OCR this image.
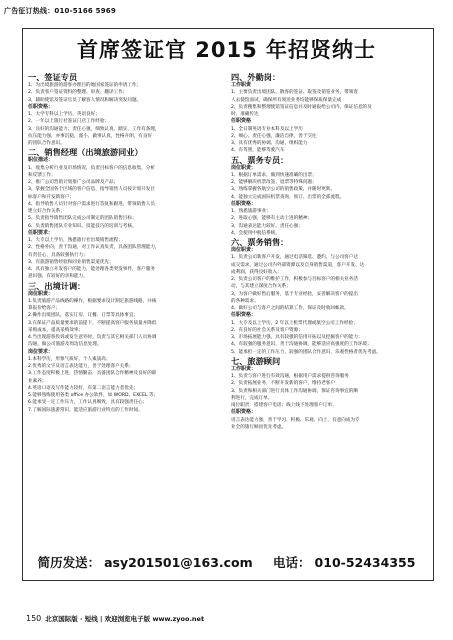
广告征订热线：010-5166 5969
首席签证官 2015 年招贤纳士

一、签证专员

1、为出境旅游的游客办理目的地国家签证的申请工作；

2、负责客户签证资料的整理、审查、翻译工作；

3、辅助使馆及签证官员了解客人情况和解决突发问题。

任职资格：

1、大学专科以上学历，英语良好；

2、一年以上旅行社签证门店工作经验；

3、良好的沟通能力；责任心强，细致认真，踏实，工作有条理，

抗压能力强，亦事沉稳，谨小、做事认真，性格开朗，有良好

的团队合作意识。

二、销售经理（出境旅游同业）

职位描述：

1、收集分析行业及市场情况，负责目标客户的信息收集、分析

和反馈工作；

2、推广公司营销计划推广公司品牌及产品；

3、掌握全国各个区域的客户信息，指导销售人员按计划开发目

标客户和开发新客户；

4、指导销售人员针对客户需求进行答复和跟进，带领销售人员

建立好合作关系；

5、负责指导销售团队完成公司制定的团队销售目标；

6、负责销售团队专业知识、技能技巧的培训与考核。

任职要求：

1、大专以上学历，熟悉旅行社出境销售流程；

2、性格外向，善于沟通，对工作认真负责，具备团队管理能力，

有责任心，具备较强执行力；

3、有旅游销售经验和同业销售渠道优先；

4、具有独立开发客户的能力，能处理各类突发事件，客户服务

意识强，有较好的亲和能力。

三、出境计调：

岗位职责：

1.负责旅游产品线路的操作，根据要求设计制定旅游线路，并核

算报价给客户；

2.操作出境团队，落实订房、订餐、订票等具体事宜；

3.在保证产品质量要求的前提下，不断提高客户服务质量并降低

采购成本，提高采购效率；

4.当出现游客投诉或发生意外时，负责与其它相关部门人员协调

沟通，做公司旅游及周边信息处理。

岗位要求：

1.本科学历，形象气质好，个人素质高；

2.优秀的文字及语言表达能力，善于处理客户关系；

3.工作态度积极上进，热情勤奋，具备团队合作精神及良好的职

业素养；

4.英语口语及写作能力较好，有第二语言能力者优先；

5.能够熟练使用各类 office 办公软件，如 WORD、EXCEL 等；

6.能承受一定工作压力，工作认真细致，具有较强责任心；

7.了解国际旅游常识，能适应旅游行业特点的工作时间。

四、外勤岗：

工作职责

1、主要负责出境团队、散客的签证、取签及销签业务，带领客

人去使馆面试，确保所有须送业务均能够保质保量完成

2、负责搜集和整理使馆签证信息并及时通报给公司内，保证信息的及

时、准确传达

任职资格

1、全日制英语专业本科及以上学历

2、细心、责任心强，廉洁自律，善于交往

3、具有优秀的协调、沟通、组织能力

4、有驾照，能够驾驶汽车

五、票务专员：

岗位职责：

1、根据订单需求，做到快速准确的出票；

2、能够解决机票改签、退票等特殊问题；

3、熟练掌握各航空公司的销售政策，并随时更新。

4、能独立完成国际机票查询、预订、出票的全部流程。

任职资格：

1、熟悉旅游事业；

2、进取心强，能够有主动上进的精神；

3、沟通表达能力较好，责任心强；

4、会使用中航信系统。

六、票务销售：

岗位职责：

1、负责公司新客户开发，通过电话筛选、邀约，与公司客户达

成交需求，通过公司内外部资源以及自身销售渠道，客户开发、达

成利润，获得良好收入；

2、负责公司客户的维护工作，积极参与目标客户的相关业务活

动，与其建立深度合作关系；

3、为客户做好售后服务，基于专业经验，妥善解决客户的提出

的各种需求；

4、做好公司与客户之间的结算工作，保证及时收回帐款。

任职资格：

1、大专及以上学历，2 年以上机票代理或航空公司工作经验；

2、有良好的社会关系及客户资源；

3、市场拓展能力强，具有较强的信用开拓以及挖掘客户的能力；

4、有较强的服务意识，善于沟通协调，能够适应高强度的工作环境；

5、能承担一定的工作压力，较强的团队合作意识，乐观性格者优先考虑。

七、旅游顾问

工作职责：

1、负责与客户进行有效沟通，根据用户需求提供咨询服务

2、负责拓展业务，不断开发新的客户，维持老客户

3、负责和相关部门进行具体工作沟通协调，保证咨询事宜的顺

利进行，完成订单。

岗位职责：搭建客户电话；线上线下处理客户订单。

任职资格：

语言表达能力强，善于学习，积极、乐观、向上，有意向成为专

业全的旅行顾问优先考虑。

简历发送： asy201501@163.com 电话： 010-52434355
150 北京国际版 · 短线 | 欢迎浏览电子版 www.zyoo.net
